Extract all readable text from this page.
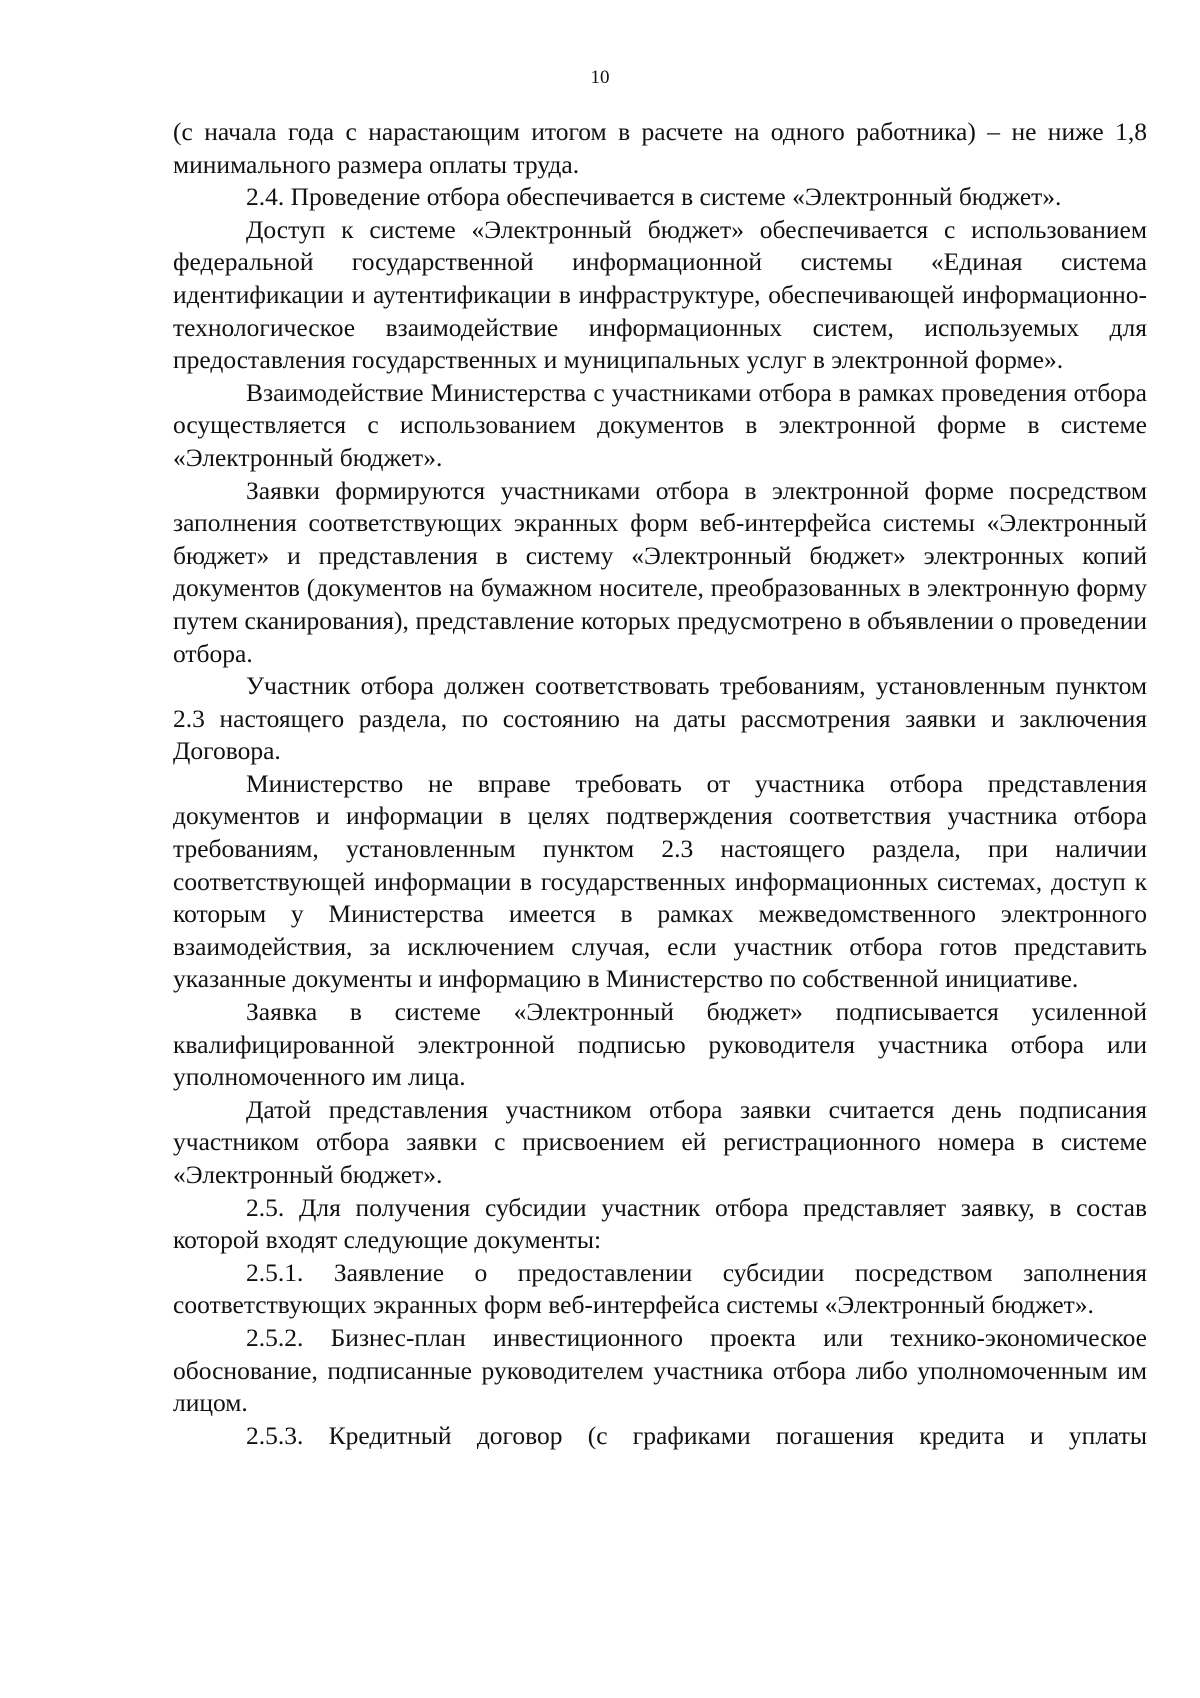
10

(с начала года с нарастающим итогом в расчете на одного работника) – не ниже 1,8 минимального размера оплаты труда.

2.4. Проведение отбора обеспечивается в системе «Электронный бюджет».

Доступ к системе «Электронный бюджет» обеспечивается с использованием федеральной государственной информационной системы «Единая система идентификации и аутентификации в инфраструктуре, обеспечивающей информационно-технологическое взаимодействие информационных систем, используемых для предоставления государственных и муниципальных услуг в электронной форме».

Взаимодействие Министерства с участниками отбора в рамках проведения отбора осуществляется с использованием документов в электронной форме в системе «Электронный бюджет».

Заявки формируются участниками отбора в электронной форме посредством заполнения соответствующих экранных форм веб-интерфейса системы «Электронный бюджет» и представления в систему «Электронный бюджет» электронных копий документов (документов на бумажном носителе, преобразованных в электронную форму путем сканирования), представление которых предусмотрено в объявлении о проведении отбора.

Участник отбора должен соответствовать требованиям, установленным пунктом 2.3 настоящего раздела, по состоянию на даты рассмотрения заявки и заключения Договора.

Министерство не вправе требовать от участника отбора представления документов и информации в целях подтверждения соответствия участника отбора требованиям, установленным пунктом 2.3 настоящего раздела, при наличии соответствующей информации в государственных информационных системах, доступ к которым у Министерства имеется в рамках межведомственного электронного взаимодействия, за исключением случая, если участник отбора готов представить указанные документы и информацию в Министерство по собственной инициативе.

Заявка в системе «Электронный бюджет» подписывается усиленной квалифицированной электронной подписью руководителя участника отбора или уполномоченного им лица.

Датой представления участником отбора заявки считается день подписания участником отбора заявки с присвоением ей регистрационного номера в системе «Электронный бюджет».

2.5. Для получения субсидии участник отбора представляет заявку, в состав которой входят следующие документы:

2.5.1. Заявление о предоставлении субсидии посредством заполнения соответствующих экранных форм веб-интерфейса системы «Электронный бюджет».

2.5.2. Бизнес-план инвестиционного проекта или технико-экономическое обоснование, подписанные руководителем участника отбора либо уполномоченным им лицом.

2.5.3. Кредитный договор (с графиками погашения кредита и уплаты
